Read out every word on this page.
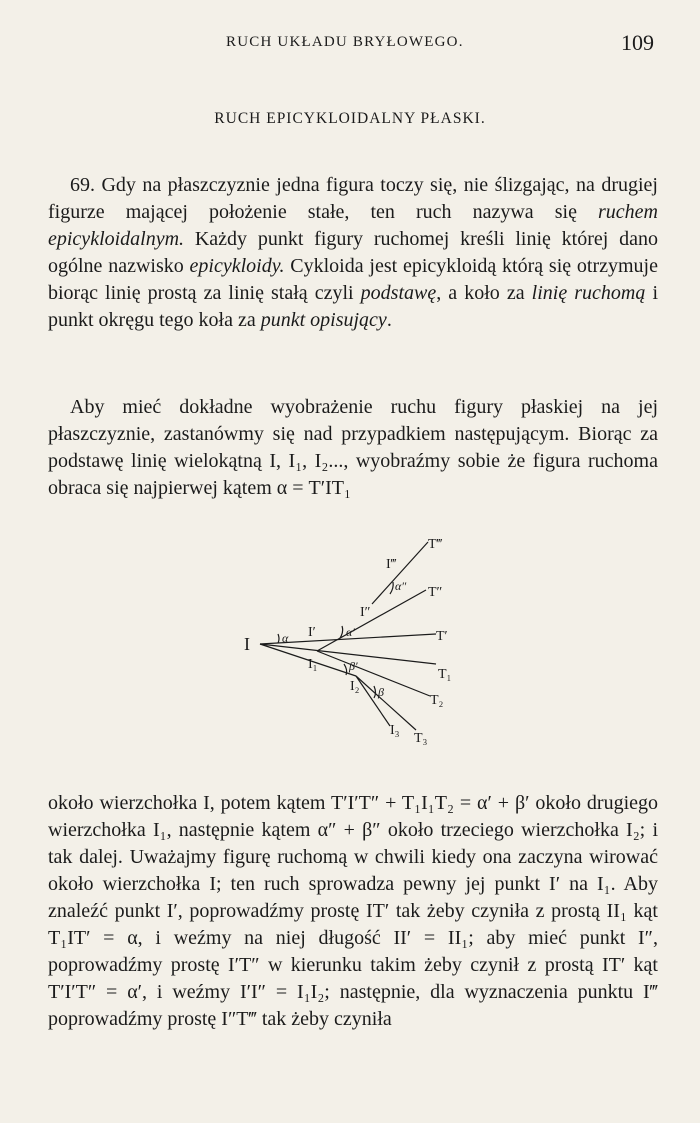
RUCH UKŁADU BRYŁOWEGO.	109
RUCH EPICYKLOIDALNY PŁASKI.

69. Gdy na płaszczyznie jedna figura toczy się, nie ślizgając, na drugiej figurze mającej położenie stałe, ten ruch nazywa się ruchem epicykloidalnym. Każdy punkt figury ruchomej kreśli linię której dano ogólne nazwisko epicykloidy. Cykloida jest epicykloidą którą się otrzymuje biorąc linię prostą za linię stałą czyli podstawę, a koło za linię ruchomą i punkt okręgu tego koła za punkt opisujący.

Aby mieć dokładne wyobrażenie ruchu figury płaskiej na jej płaszczyznie, zastanówmy się nad przypadkiem następującym. Biorąc za podstawę linię wielokątną I, I₁, I₂..., wyobraźmy sobie że figura ruchoma obraca się najpierwej kątem α = T′IT₁

I
I₁
I₂
I₃
I′
I″
I‴
T₁
T₂
T₃
T′
T″
T‴
α	α′
α″
β′
β

około wierzchołka I, potem kątem T′I′T″ + T₁I₁T₂ = α′ + β′ około drugiego wierzchołka I₁, następnie kątem α″ + β″ około trzeciego wierzchołka I₂; i tak dalej. Uważajmy figurę ruchomą w chwili kiedy ona zaczyna wirować około wierzchołka I; ten ruch sprowadza pewny jej punkt I′ na I₁. Aby znaleźć punkt I′, poprowadźmy prostę IT′ tak żeby czyniła z prostą II₁ kąt T₁IT′ = α, i weźmy na niej długość II′ = II₁; aby mieć punkt I″, poprowadźmy prostę I′T″ w kierunku takim żeby czynił z prostą IT′ kąt T′I′T″ = α′, i weźmy I′I″ = I₁I₂; następnie, dla wyznaczenia punktu I‴ poprowadźmy prostę I″T‴ tak żeby czyniła
